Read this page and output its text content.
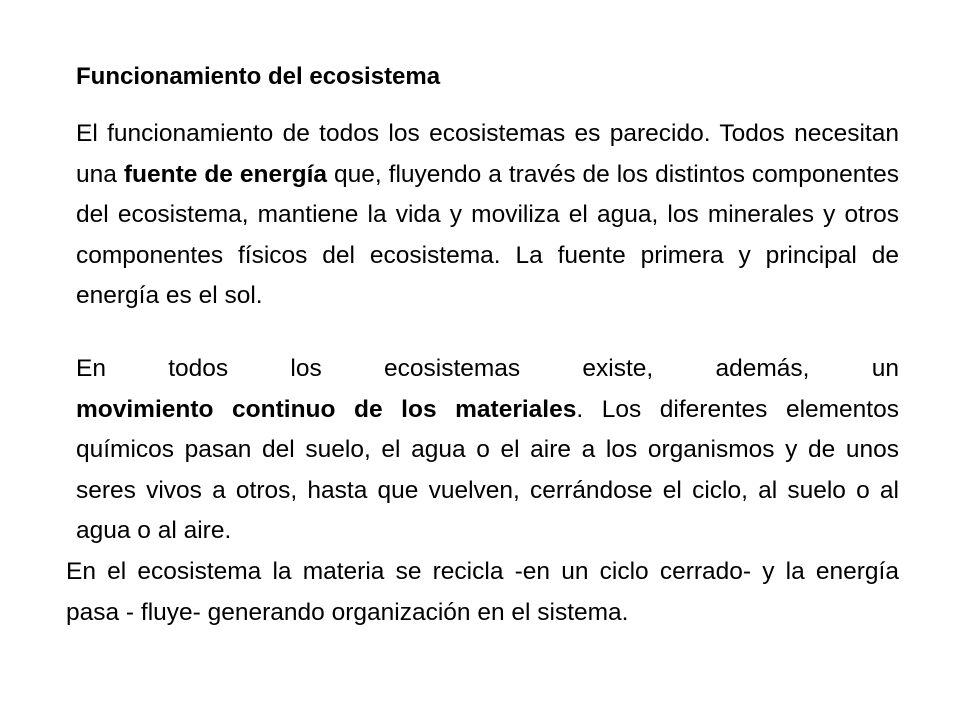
Funcionamiento del ecosistema

El funcionamiento de todos los ecosistemas es parecido. Todos necesitan una fuente de energía que, fluyendo a través de los distintos componentes del ecosistema, mantiene la vida y moviliza el agua, los minerales y otros componentes físicos del ecosistema. La fuente primera y principal de energía es el sol.

En todos los ecosistemas existe, además, un
movimiento continuo de los materiales. Los diferentes elementos químicos pasan del suelo, el agua o el aire a los organismos y de unos seres vivos a otros, hasta que vuelven, cerrándose el ciclo, al suelo o al agua o al aire.

En el ecosistema la materia se recicla -en un ciclo cerrado- y la energía pasa - fluye- generando organización en el sistema.
